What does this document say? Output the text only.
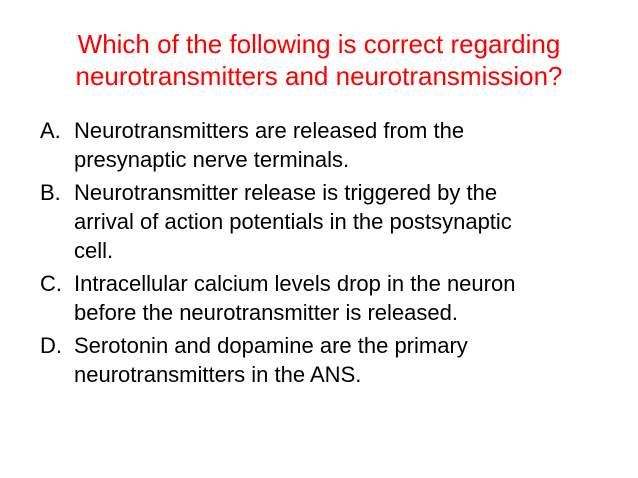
Which of the following is correct regarding
neurotransmitters and neurotransmission?
A. Neurotransmitters are released from the
presynaptic nerve terminals.
B. Neurotransmitter release is triggered by the
arrival of action potentials in the postsynaptic
cell.
C. Intracellular calcium levels drop in the neuron
before the neurotransmitter is released.
D. Serotonin and dopamine are the primary
neurotransmitters in the ANS.
